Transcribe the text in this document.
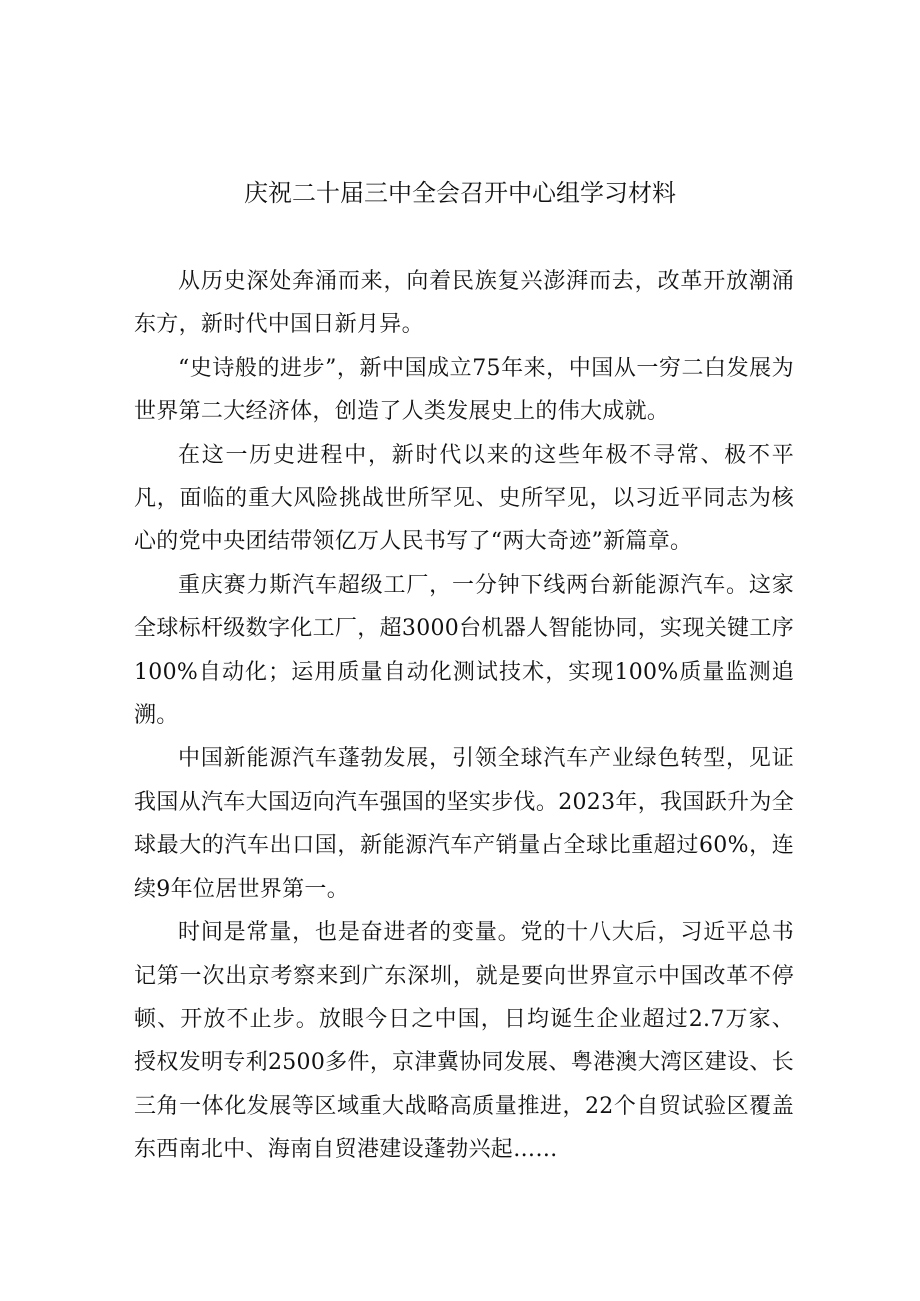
庆祝二十届三中全会召开中心组学习材料

从历史深处奔涌而来，向着民族复兴澎湃而去，改革开放潮涌东方，新时代中国日新月异。

“史诗般的进步”，新中国成立75年来，中国从一穷二白发展为世界第二大经济体，创造了人类发展史上的伟大成就。

在这一历史进程中，新时代以来的这些年极不寻常、极不平凡，面临的重大风险挑战世所罕见、史所罕见，以习近平同志为核心的党中央团结带领亿万人民书写了“两大奇迹”新篇章。

重庆赛力斯汽车超级工厂，一分钟下线两台新能源汽车。这家全球标杆级数字化工厂，超3000台机器人智能协同，实现关键工序100%自动化；运用质量自动化测试技术，实现100%质量监测追溯。

中国新能源汽车蓬勃发展，引领全球汽车产业绿色转型，见证我国从汽车大国迈向汽车强国的坚实步伐。2023年，我国跃升为全球最大的汽车出口国，新能源汽车产销量占全球比重超过60%，连续9年位居世界第一。

时间是常量，也是奋进者的变量。党的十八大后，习近平总书记第一次出京考察来到广东深圳，就是要向世界宣示中国改革不停顿、开放不止步。放眼今日之中国，日均诞生企业超过2.7万家、授权发明专利2500多件，京津冀协同发展、粤港澳大湾区建设、长三角一体化发展等区域重大战略高质量推进，22个自贸试验区覆盖东西南北中、海南自贸港建设蓬勃兴起……
